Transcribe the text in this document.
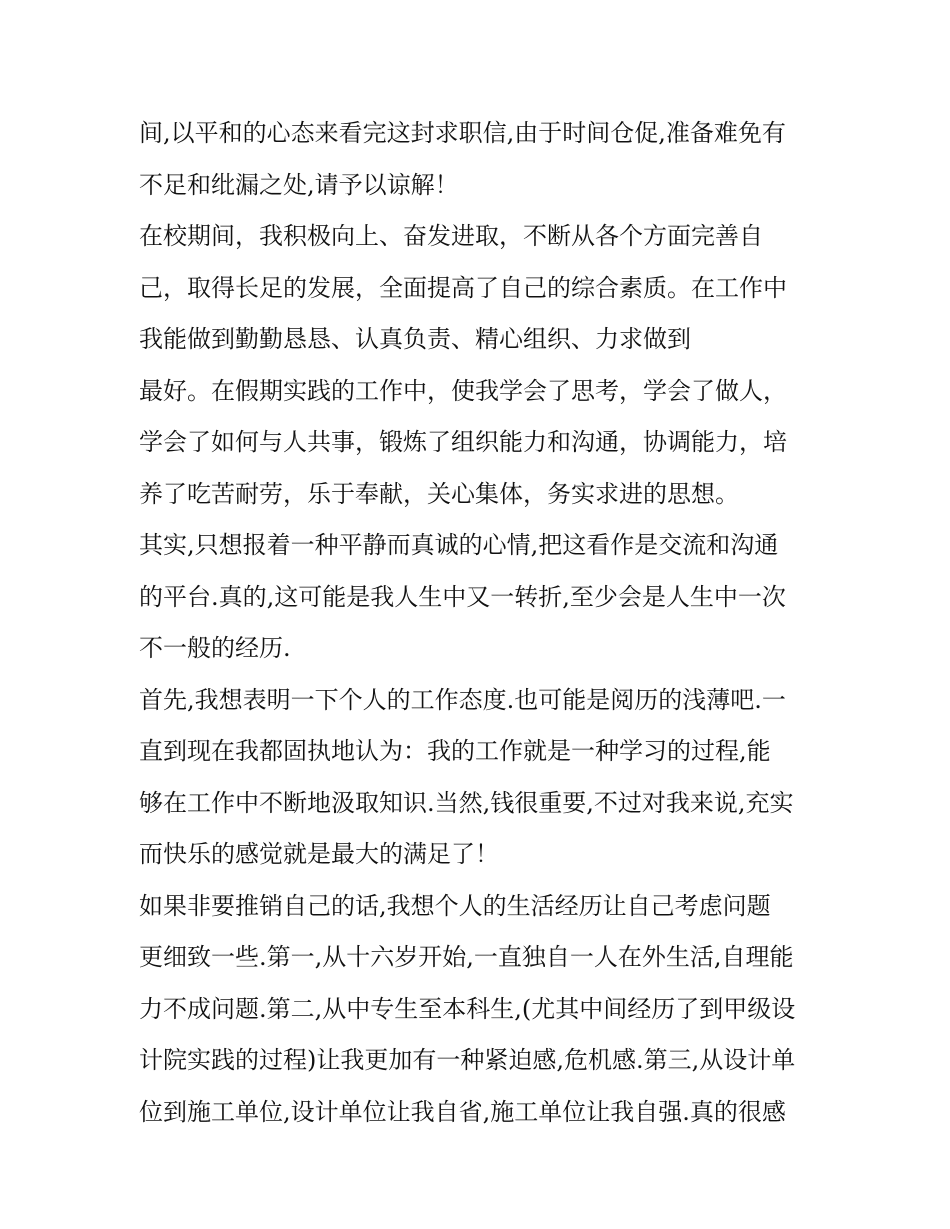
间,以平和的心态来看完这封求职信,由于时间仓促,准备难免有
不足和纰漏之处,请予以谅解！
在校期间，我积极向上、奋发进取，不断从各个方面完善自
己，取得长足的发展，全面提高了自己的综合素质。在工作中
我能做到勤勤恳恳、认真负责、精心组织、力求做到
最好。在假期实践的工作中，使我学会了思考，学会了做人，
学会了如何与人共事，锻炼了组织能力和沟通，协调能力，培
养了吃苦耐劳，乐于奉献，关心集体，务实求进的思想。
其实,只想报着一种平静而真诚的心情,把这看作是交流和沟通
的平台.真的,这可能是我人生中又一转折,至少会是人生中一次
不一般的经历.
首先,我想表明一下个人的工作态度.也可能是阅历的浅薄吧.一
直到现在我都固执地认为：我的工作就是一种学习的过程,能
够在工作中不断地汲取知识.当然,钱很重要,不过对我来说,充实
而快乐的感觉就是最大的满足了！
如果非要推销自己的话,我想个人的生活经历让自己考虑问题
更细致一些.第一,从十六岁开始,一直独自一人在外生活,自理能
力不成问题.第二,从中专生至本科生,(尤其中间经历了到甲级设
计院实践的过程)让我更加有一种紧迫感,危机感.第三,从设计单
位到施工单位,设计单位让我自省,施工单位让我自强.真的很感
